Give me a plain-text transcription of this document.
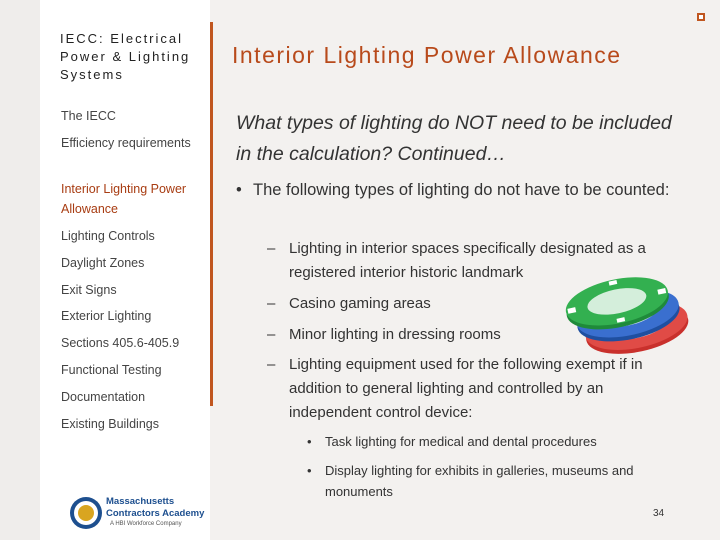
IECC: Electrical Power & Lighting Systems
The IECC
Efficiency requirements
Interior Lighting Power Allowance
Lighting Controls
Daylight Zones
Exit Signs
Exterior Lighting
Sections 405.6-405.9
Functional Testing
Documentation
Existing Buildings
Interior Lighting Power Allowance
What types of lighting do NOT need to be included in the calculation? Continued…
• The following types of lighting do not have to be counted:
– Lighting in interior spaces specifically designated as a registered interior historic landmark
– Casino gaming areas
– Minor lighting in dressing rooms
– Lighting equipment used for the following exempt if in addition to general lighting and controlled by an independent control device:
•	Task lighting for medical and dental procedures
•	Display lighting for exhibits in galleries, museums and monuments
Massachusetts
Contractors Academy
A HBI Workforce Company
34
